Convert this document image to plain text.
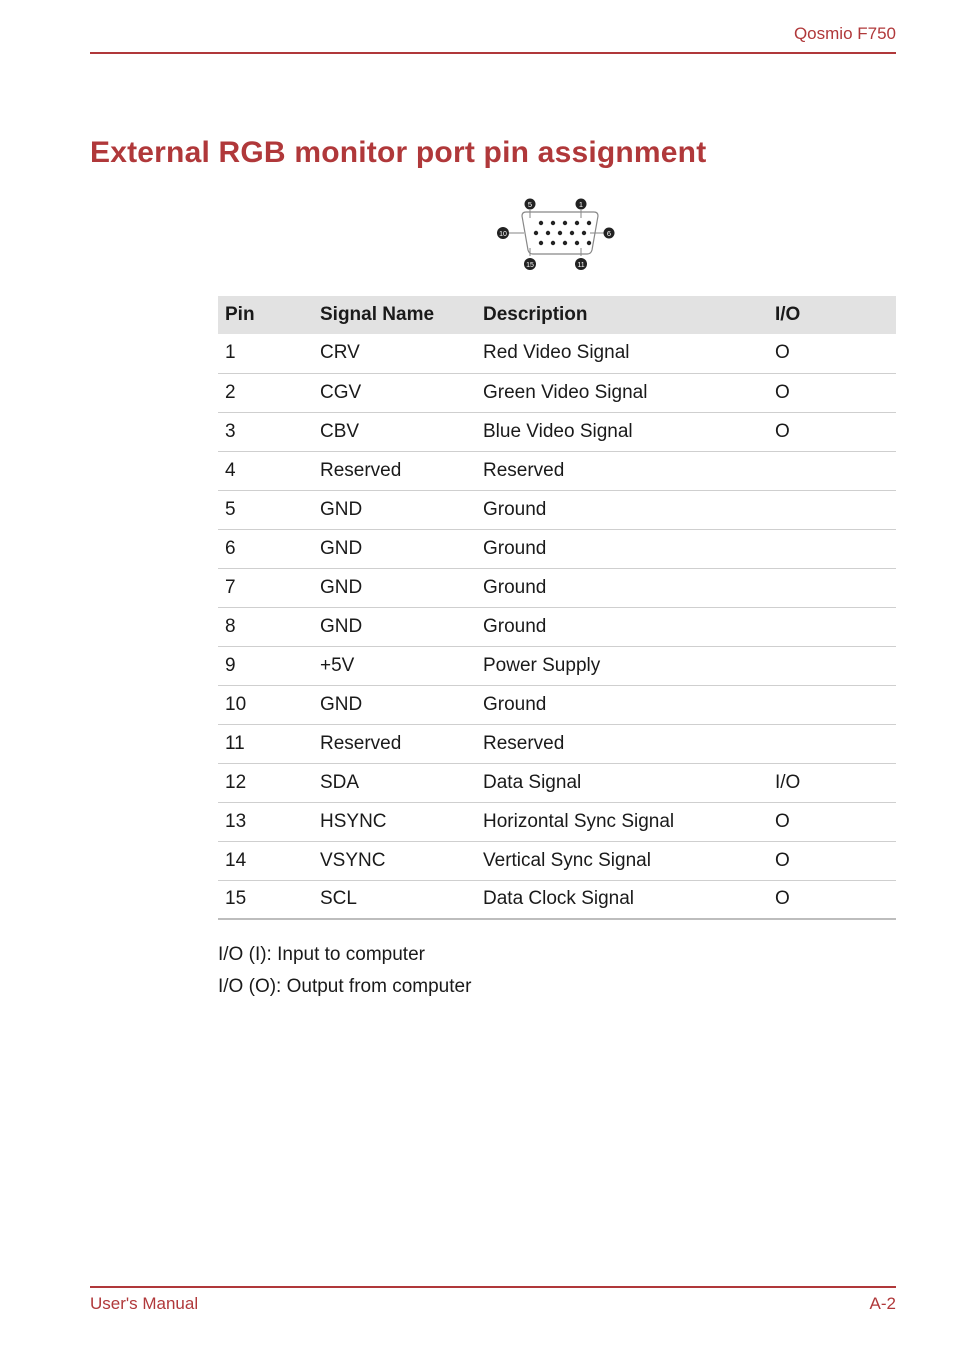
Qosmio F750
External RGB monitor port pin assignment
5	1
10	6
15	11
Pin	Signal Name	Description	I/O
1	CRV	Red Video Signal	O
2	CGV	Green Video Signal	O
3	CBV	Blue Video Signal	O
4	Reserved	Reserved	
5	GND	Ground	
6	GND	Ground	
7	GND	Ground	
8	GND	Ground	
9	+5V	Power Supply	
10	GND	Ground	
11	Reserved	Reserved	
12	SDA	Data Signal	I/O
13	HSYNC	Horizontal Sync Signal	O
14	VSYNC	Vertical Sync Signal	O
15	SCL	Data Clock Signal	O
I/O (I): Input to computer
I/O (O): Output from computer
User's Manual	A-2
